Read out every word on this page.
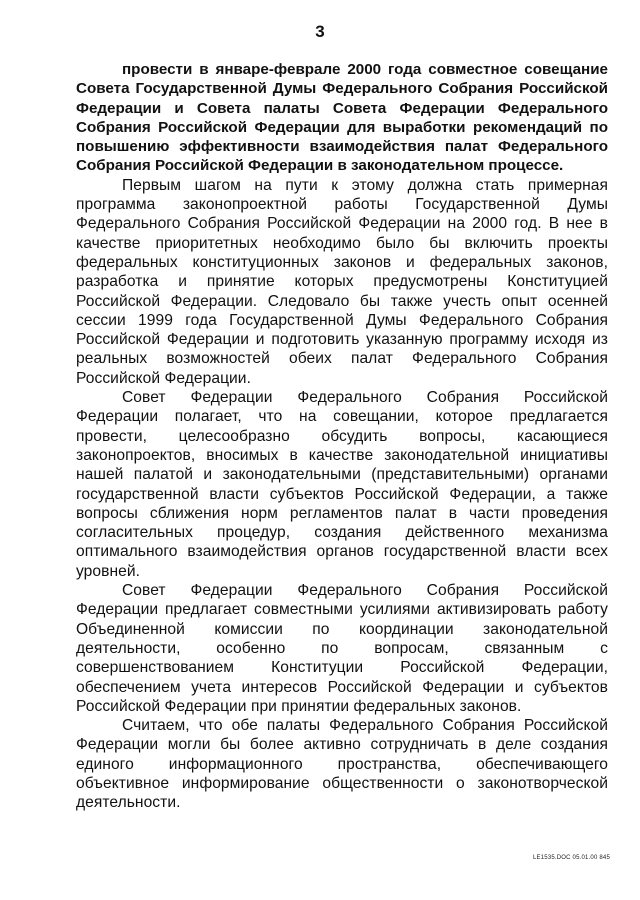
3

провести в январе-феврале 2000 года совместное совещание Совета Государственной Думы Федерального Собрания Российской Федерации и Совета палаты Совета Федерации Федерального Собрания Российской Федерации для выработки рекомендаций по повышению эффективности взаимодействия палат Федерального Собрания Российской Федерации в законодательном процессе.

Первым шагом на пути к этому должна стать примерная программа законопроектной работы Государственной Думы Федерального Собрания Российской Федерации на 2000 год. В нее в качестве приоритетных необходимо было бы включить проекты федеральных конституционных законов и федеральных законов, разработка и принятие которых предусмотрены Конституцией Российской Федерации. Следовало бы также учесть опыт осенней сессии 1999 года Государственной Думы Федерального Собрания Российской Федерации и подготовить указанную программу исходя из реальных возможностей обеих палат Федерального Собрания Российской Федерации.

Совет Федерации Федерального Собрания Российской Федерации полагает, что на совещании, которое предлагается провести, целесообразно обсудить вопросы, касающиеся законопроектов, вносимых в качестве законодательной инициативы нашей палатой и законодательными (представительными) органами государственной власти субъектов Российской Федерации, а также вопросы сближения норм регламентов палат в части проведения согласительных процедур, создания действенного механизма оптимального взаимодействия органов государственной власти всех уровней.

Совет Федерации Федерального Собрания Российской Федерации предлагает совместными усилиями активизировать работу Объединенной комиссии по координации законодательной деятельности, особенно по вопросам, связанным с совершенствованием Конституции Российской Федерации, обеспечением учета интересов Российской Федерации и субъектов Российской Федерации при принятии федеральных законов.

Считаем, что обе палаты Федерального Собрания Российской Федерации могли бы более активно сотрудничать в деле создания единого информационного пространства, обеспечивающего объективное информирование общественности о законотворческой деятельности.

LE1535.DOC 05.01.00 845
